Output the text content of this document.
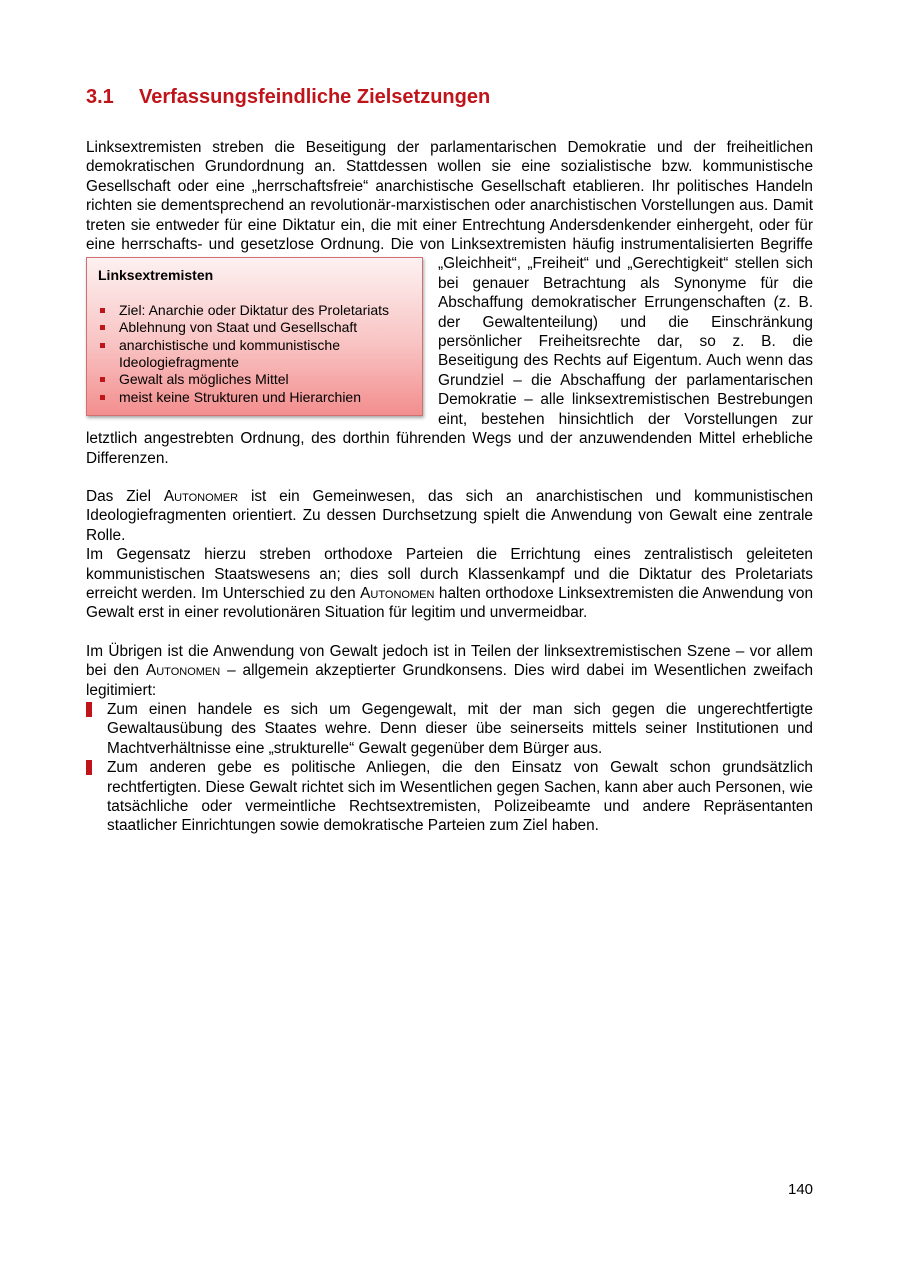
3.1 Verfassungsfeindliche Zielsetzungen
Linksextremisten streben die Beseitigung der parlamentarischen Demokratie und der freiheitlichen demokratischen Grundordnung an. Stattdessen wollen sie eine sozialistische bzw. kommunistische Gesellschaft oder eine „herrschaftsfreie“ anarchistische Gesellschaft etablieren. Ihr politisches Handeln richten sie dementsprechend an revolutionär-marxistischen oder anarchistischen Vorstellungen aus. Damit treten sie entweder für eine Diktatur ein, die mit einer Entrechtung Andersdenkender einhergeht, oder für eine herrschafts- und gesetzlose Ordnung. Die von Linksextremisten
Linksextremisten
Ziel: Anarchie oder Diktatur des Proletariats
Ablehnung von Staat und Gesellschaft
anarchistische und kommunistische Ideologiefragmente
Gewalt als mögliches Mittel
meist keine Strukturen und Hierarchien
häufig instrumentalisierten Begriffe „Gleichheit“, „Freiheit“ und „Gerechtigkeit“ stellen sich bei genauer Betrachtung als Synonyme für die Abschaffung demokratischer Errungenschaften (z. B. der Gewaltenteilung) und die Einschränkung persönlicher Freiheitsrechte dar, so z. B. die Beseitigung des Rechts auf Eigentum. Auch wenn das Grundziel – die Abschaffung der parlamentarischen Demokratie – alle linksextremistischen Bestrebungen eint, bestehen hinsichtlich der Vorstellungen zur letztlich angestrebten Ordnung, des dorthin führenden Wegs und der anzuwendenden Mittel erhebliche Differenzen.

Das Ziel Autonomer ist ein Gemeinwesen, das sich an anarchistischen und kommunistischen Ideologiefragmenten orientiert. Zu dessen Durchsetzung spielt die Anwendung von Gewalt eine zentrale Rolle.

Im Gegensatz hierzu streben orthodoxe Parteien die Errichtung eines zentralistisch geleiteten kommunistischen Staatswesens an; dies soll durch Klassenkampf und die Diktatur des Proletariats erreicht werden. Im Unterschied zu den Autonomen halten orthodoxe Linksextremisten die Anwendung von Gewalt erst in einer revolutionären Situation für legitim und unvermeidbar.

Im Übrigen ist die Anwendung von Gewalt jedoch ist in Teilen der linksextremistischen Szene – vor allem bei den Autonomen – allgemein akzeptierter Grundkonsens. Dies wird dabei im Wesentlichen zweifach legitimiert:

Zum einen handele es sich um Gegengewalt, mit der man sich gegen die ungerechtfertigte Gewaltausübung des Staates wehre. Denn dieser übe seinerseits mittels seiner Institutionen und Machtverhältnisse eine „strukturelle“ Gewalt gegenüber dem Bürger aus.
Zum anderen gebe es politische Anliegen, die den Einsatz von Gewalt schon grundsätzlich rechtfertigten. Diese Gewalt richtet sich im Wesentlichen gegen Sachen, kann aber auch Personen, wie tatsächliche oder vermeintliche Rechtsextremisten, Polizeibeamte und andere Repräsentanten staatlicher Einrichtungen sowie demokratische Parteien zum Ziel haben.
140
